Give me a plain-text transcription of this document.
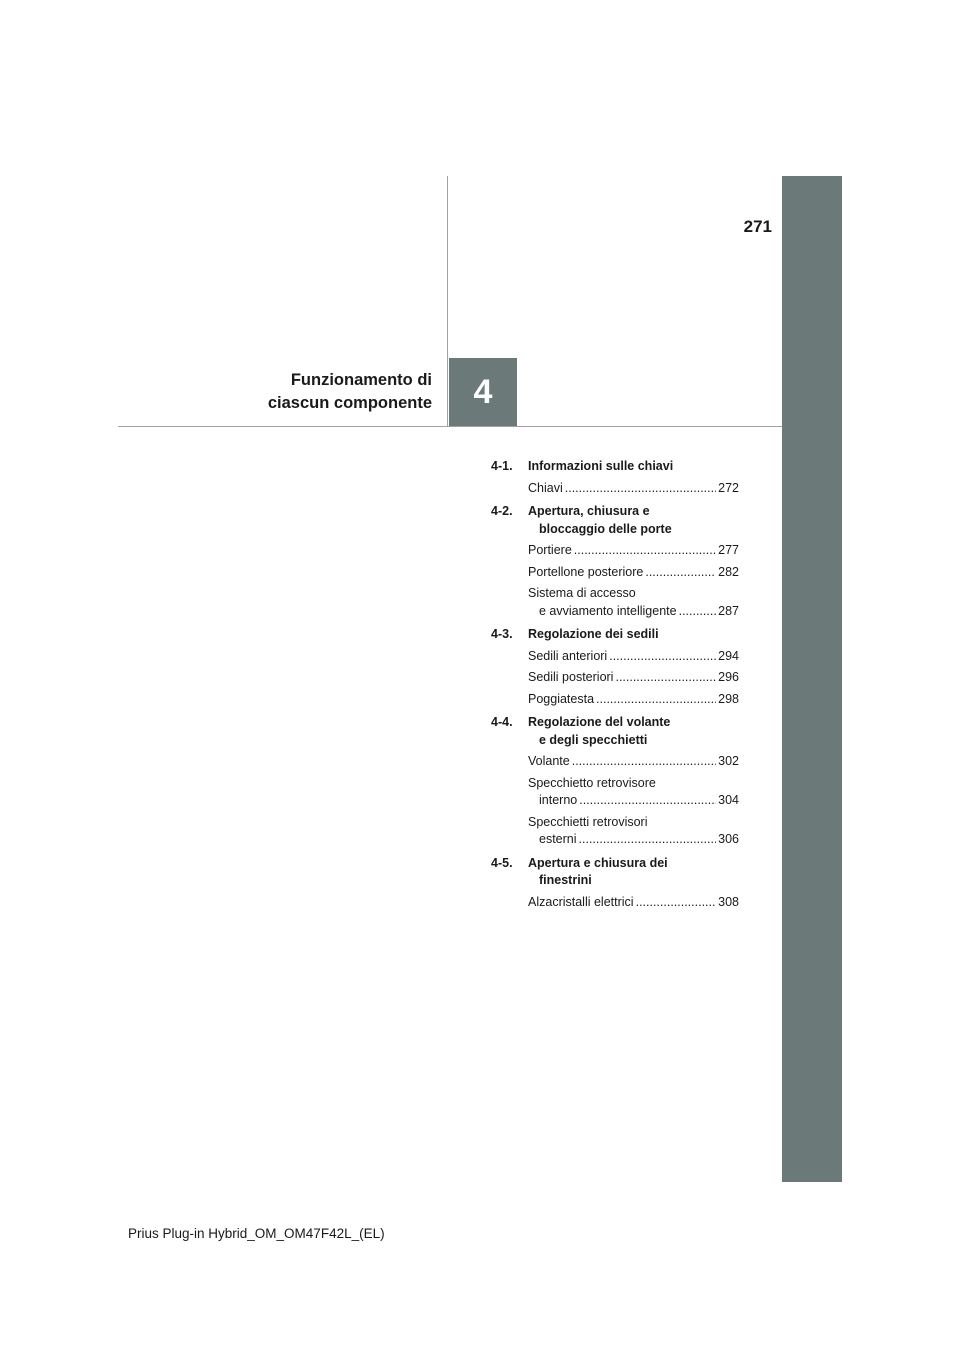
271
4
Funzionamento di
ciascun componente
4-1.	Informazioni sulle chiavi
Chiavi .....	272
4-2.	Apertura, chiusura e
bloccaggio delle porte
Portiere .....	277
Portellone posteriore .....	282
Sistema di accesso
e avviamento intelligente .....	287
4-3.	Regolazione dei sedili
Sedili anteriori .....	294
Sedili posteriori .....	296
Poggiatesta .....	298
4-4.	Regolazione del volante
e degli specchietti
Volante .....	302
Specchietto retrovisore
interno .....	304
Specchietti retrovisori
esterni .....	306
4-5.	Apertura e chiusura dei
finestrini
Alzacristalli elettrici .....	308
Prius Plug-in Hybrid_OM_OM47F42L_(EL)
